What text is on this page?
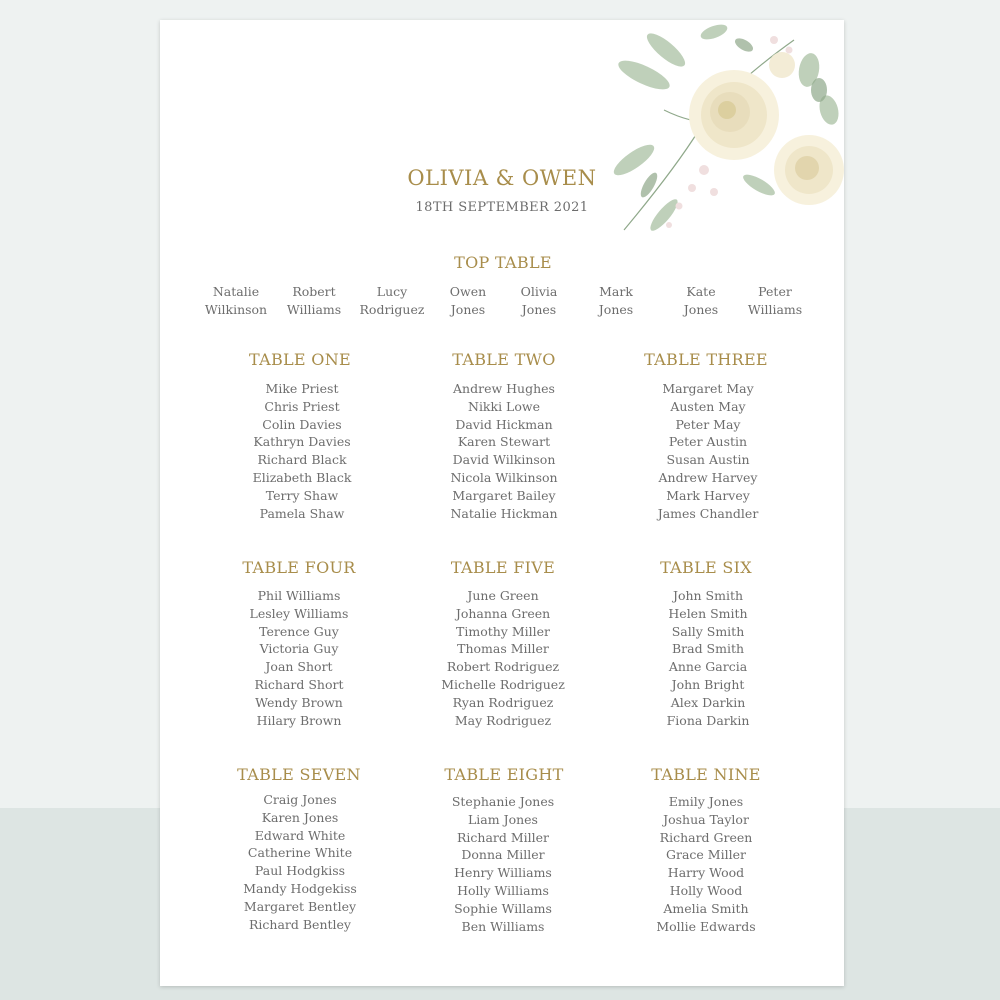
OLIVIA & OWEN
18TH SEPTEMBER 2021
TOP TABLE
Natalie
Wilkinson
Robert
Williams
Lucy
Rodriguez
Owen
Jones
Olivia
Jones
Mark
Jones
Kate
Jones
Peter
Williams
TABLE ONE
Mike Priest
Chris Priest
Colin Davies
Kathryn Davies
Richard Black
Elizabeth Black
Terry Shaw
Pamela Shaw
TABLE TWO
Andrew Hughes
Nikki Lowe
David Hickman
Karen Stewart
David Wilkinson
Nicola Wilkinson
Margaret Bailey
Natalie Hickman
TABLE THREE
Margaret May
Austen May
Peter May
Peter Austin
Susan Austin
Andrew Harvey
Mark Harvey
James Chandler
TABLE FOUR
Phil Williams
Lesley Williams
Terence Guy
Victoria Guy
Joan Short
Richard Short
Wendy Brown
Hilary Brown
TABLE FIVE
June Green
Johanna Green
Timothy Miller
Thomas Miller
Robert Rodriguez
Michelle Rodriguez
Ryan Rodriguez
May Rodriguez
TABLE SIX
John Smith
Helen Smith
Sally Smith
Brad Smith
Anne Garcia
John Bright
Alex Darkin
Fiona Darkin
TABLE SEVEN
Craig Jones
Karen Jones
Edward White
Catherine White
Paul Hodgkiss
Mandy Hodgekiss
Margaret Bentley
Richard Bentley
TABLE EIGHT
Stephanie Jones
Liam Jones
Richard Miller
Donna Miller
Henry Williams
Holly Williams
Sophie Willams
Ben Williams
TABLE NINE
Emily Jones
Joshua Taylor
Richard Green
Grace Miller
Harry Wood
Holly Wood
Amelia Smith
Mollie Edwards
